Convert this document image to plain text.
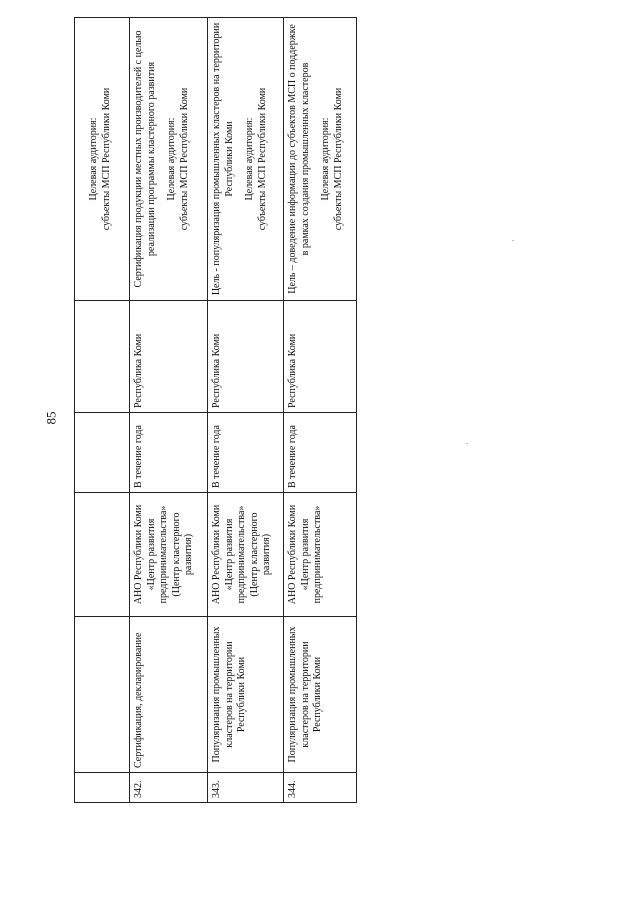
85

					Целевая аудитория: субъекты МСП Республики Коми

342.	Сертификация, декларирование	АНО Республики Коми «Центр развития предпринимательства» (Центр кластерного развития)	В течение года	Республика Коми	Сертификация продукции местных производителей с целью реализации программы кластерного развития Целевая аудитория: субъекты МСП Республики Коми

343.	Популяризация промышленных кластеров на территории Республики Коми	АНО Республики Коми «Центр развития предпринимательства» (Центр кластерного развития)	В течение года	Республика Коми	Цель - популяризация промышленных кластеров на территории Республики Коми Целевая аудитория: субъекты МСП Республики Коми

344.	Популяризация промышленных кластеров на территории Республики Коми	АНО Республики Коми «Центр развития предпринимательства»	В течение года	Республика Коми	Цель – доведение информации до субъектов МСП о поддержке в рамках создания промышленных кластеров Целевая аудитория: субъекты МСП Республики Коми
